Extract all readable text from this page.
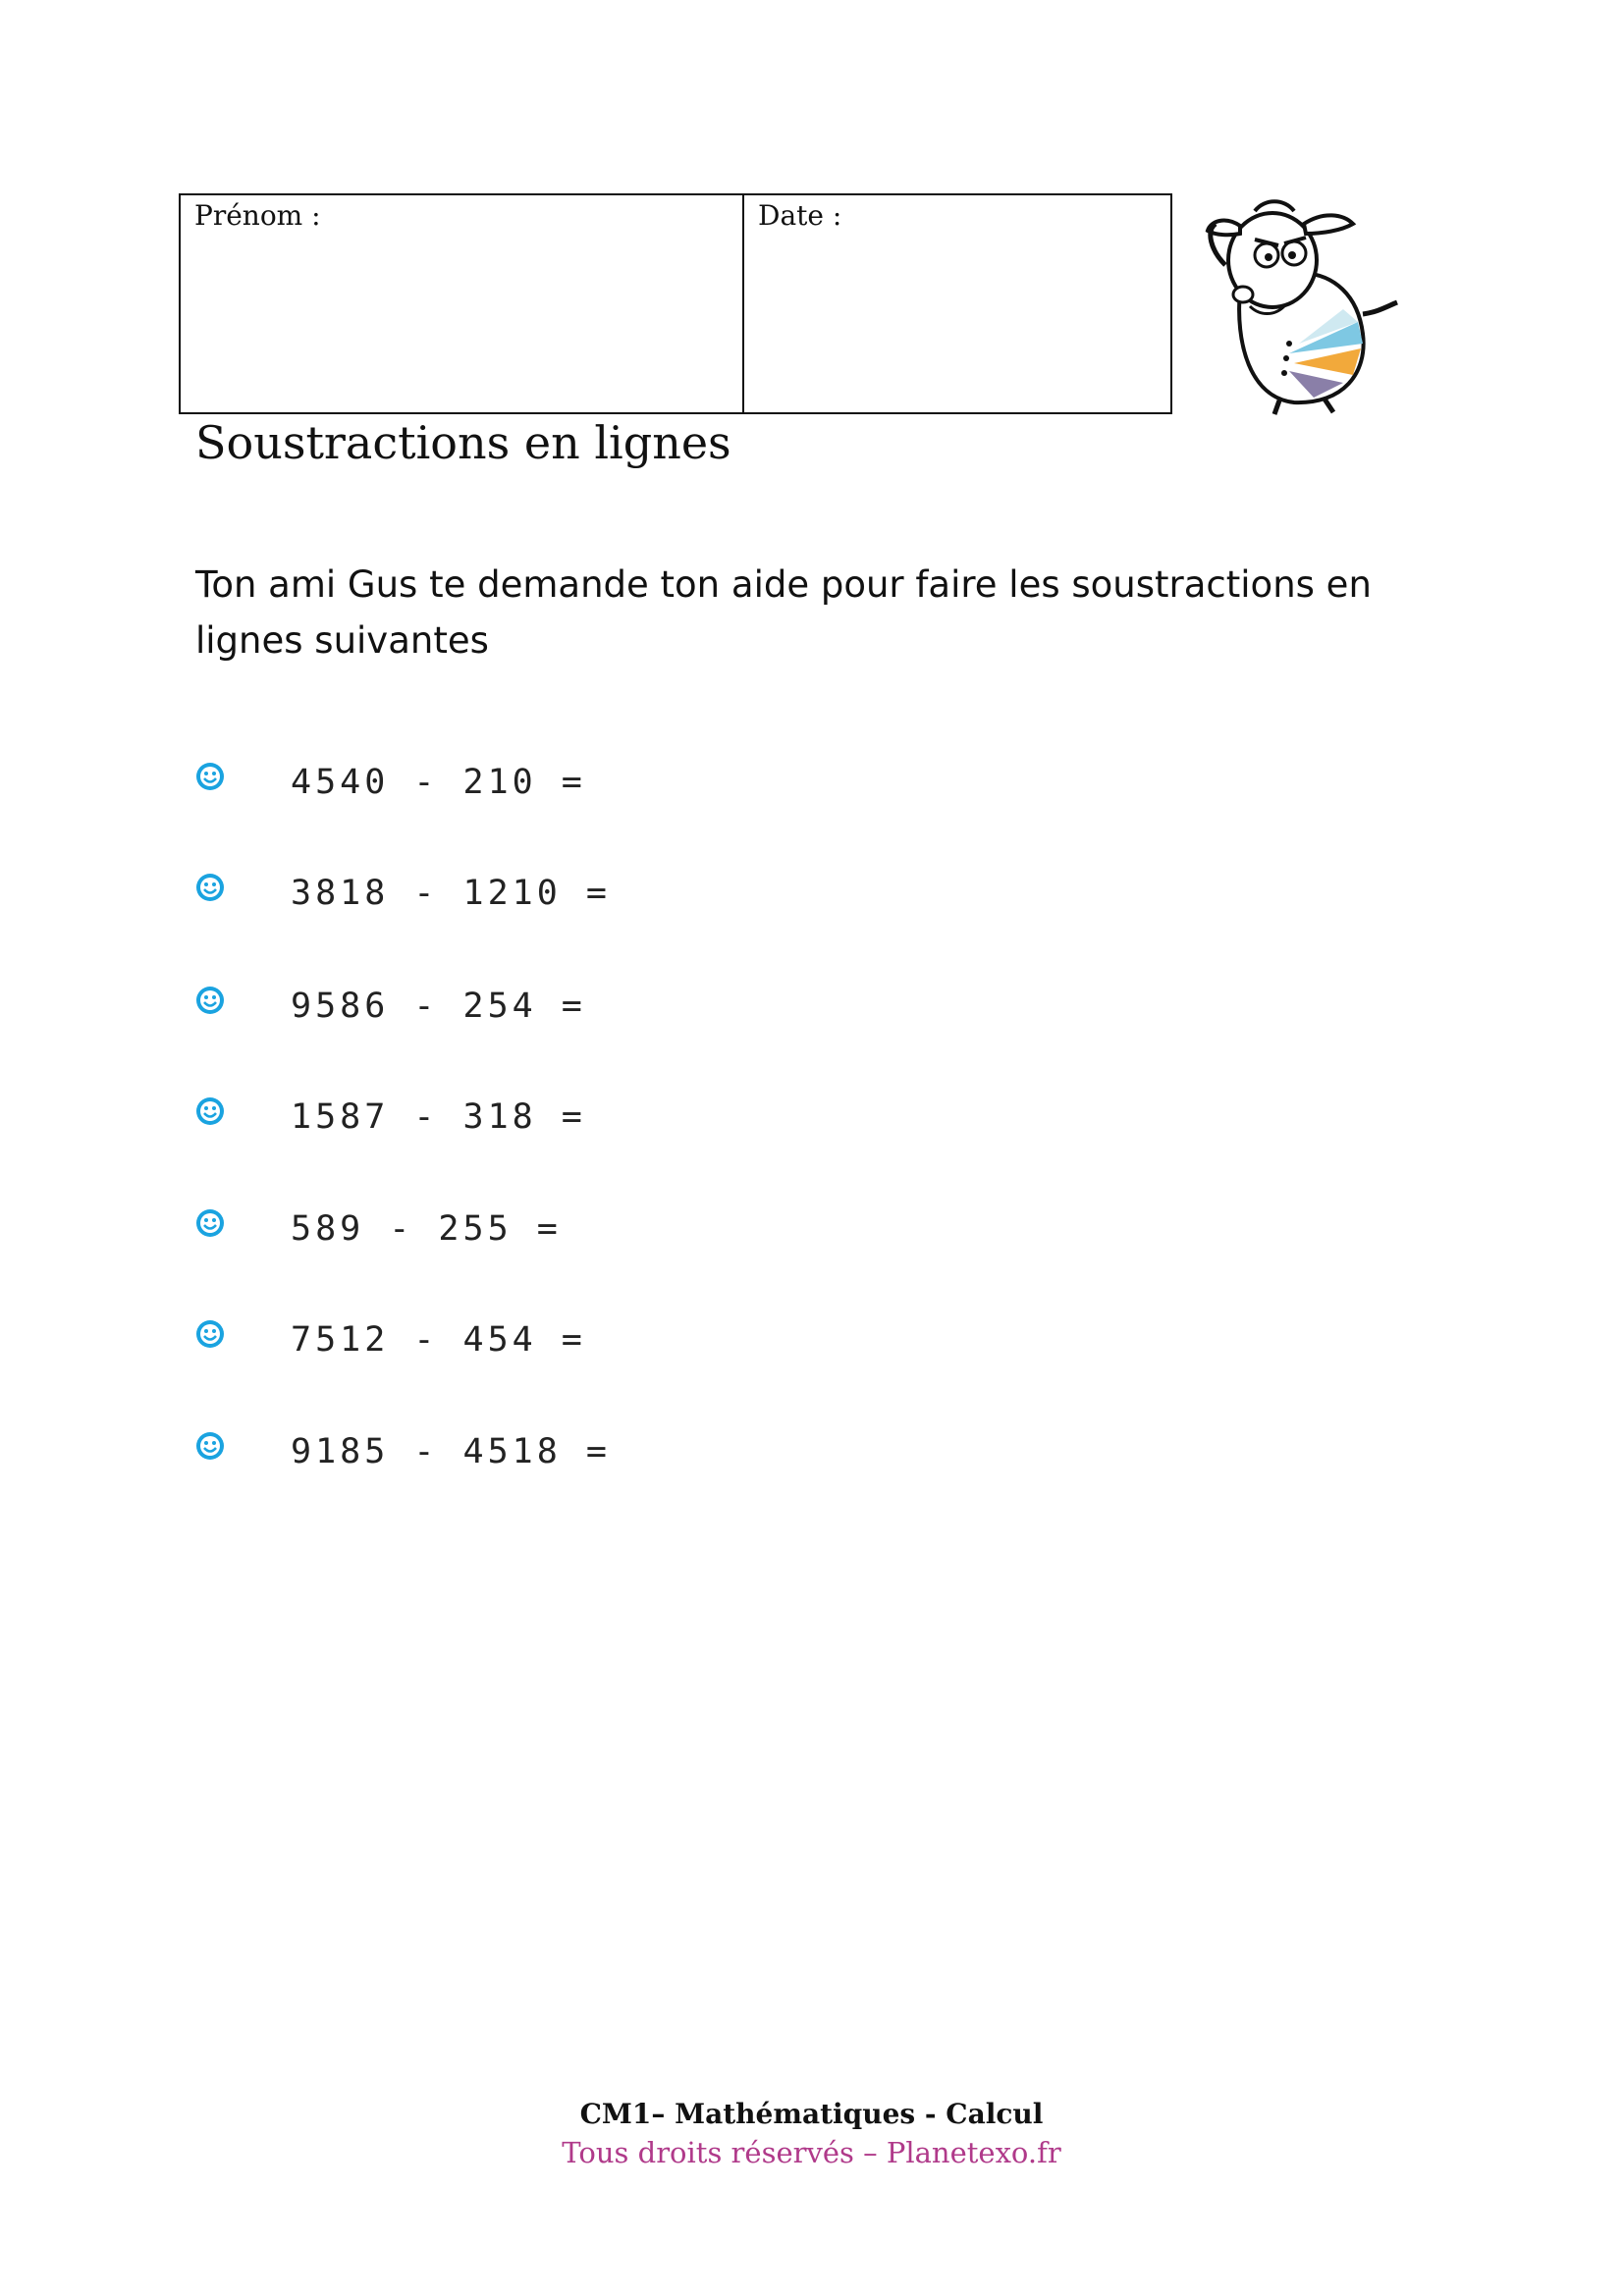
Prénom :	Date :
Soustractions en lignes
Ton ami Gus te demande ton aide pour faire les soustractions en lignes suivantes
4540 - 210 =
3818 - 1210 =
9586 - 254 =
1587 - 318 =
589 - 255 =
7512 - 454 =
9185 - 4518 =
CM1– Mathématiques - Calcul
Tous droits réservés – Planetexo.fr
